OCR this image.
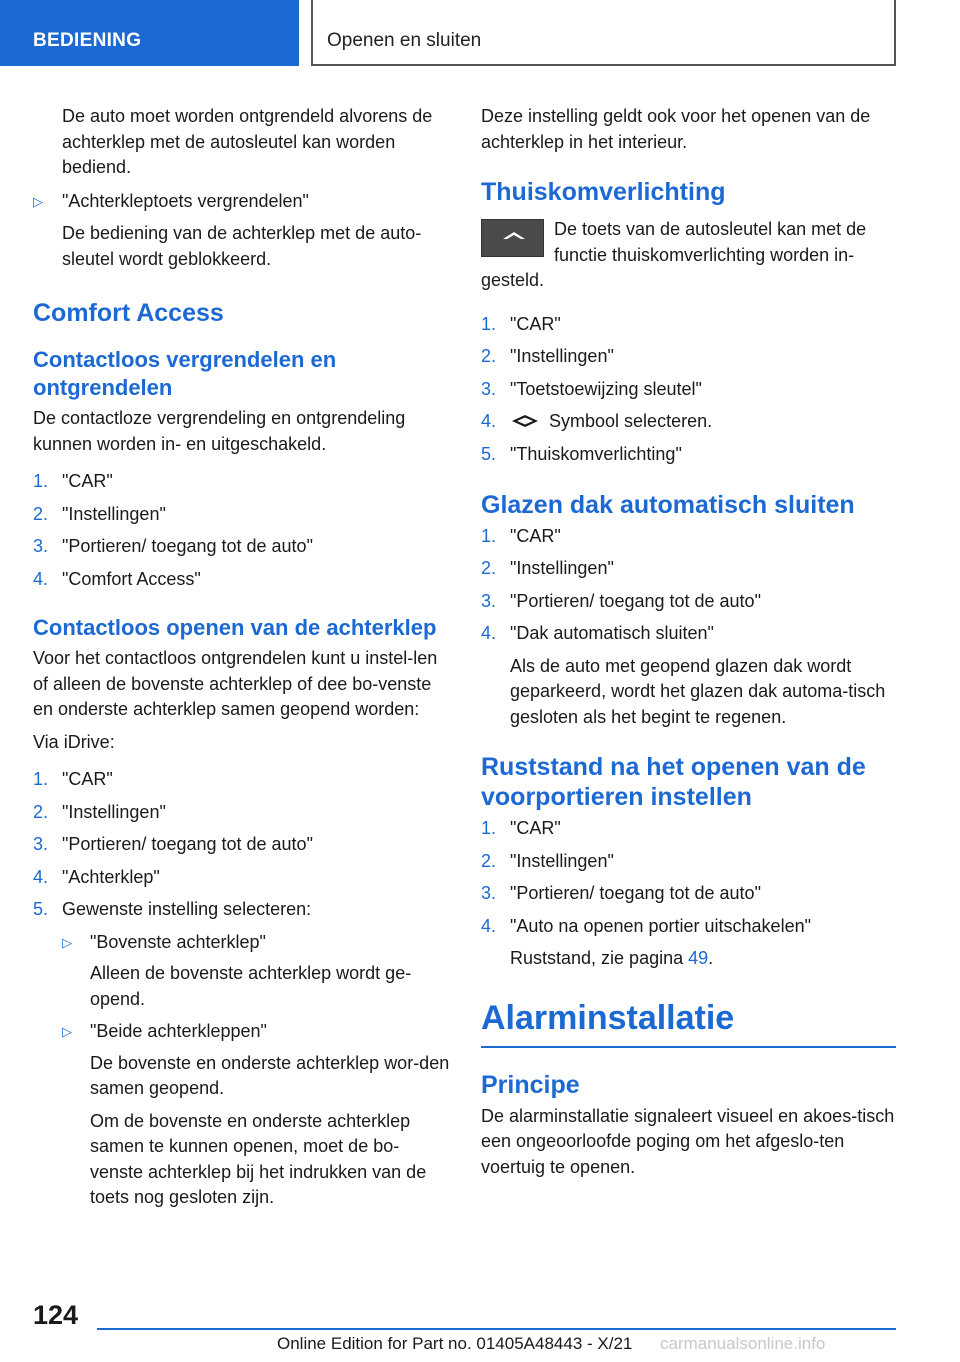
BEDIENING	Openen en sluiten

De auto moet worden ontgrendeld alvorens de achterklep met de autosleutel kan worden bediend.

▷ "Achterkleptoets vergrendelen"

De bediening van de achterklep met de auto-sleutel wordt geblokkeerd.

Comfort Access
Contactloos vergrendelen en ontgrendelen

De contactloze vergrendeling en ontgrendeling kunnen worden in- en uitgeschakeld.

1. "CAR"
2. "Instellingen"
3. "Portieren/ toegang tot de auto"
4. "Comfort Access"
Contactloos openen van de achterklep

Voor het contactloos ontgrendelen kunt u instel-len of alleen de bovenste achterklep of dee bo-venste en onderste achterklep samen geopend worden:

Via iDrive:

1. "CAR"
2. "Instellingen"
3. "Portieren/ toegang tot de auto"
4. "Achterklep"
5. Gewenste instelling selecteren:
▷ "Bovenste achterklep"

Alleen de bovenste achterklep wordt ge-opend.

▷ "Beide achterkleppen"

De bovenste en onderste achterklep wor-den samen geopend.

Om de bovenste en onderste achterklep samen te kunnen openen, moet de bo-venste achterklep bij het indrukken van de toets nog gesloten zijn.

Deze instelling geldt ook voor het openen van de achterklep in het interieur.

Thuiskomverlichting

De toets van de autosleutel kan met de functie thuiskomverlichting worden in-

gesteld.

1. "CAR"
2. "Instellingen"
3. "Toetstoewijzing sleutel"
4.	Symbool selecteren.
5. "Thuiskomverlichting"
Glazen dak automatisch sluiten
1. "CAR"
2. "Instellingen"
3. "Portieren/ toegang tot de auto"
4. "Dak automatisch sluiten"

Als de auto met geopend glazen dak wordt geparkeerd, wordt het glazen dak automa-tisch gesloten als het begint te regenen.

Ruststand na het openen van de voorportieren instellen
1. "CAR"
2. "Instellingen"
3. "Portieren/ toegang tot de auto"
4. "Auto na openen portier uitschakelen"

Ruststand, zie pagina 49.

Alarminstallatie
Principe

De alarminstallatie signaleert visueel en akoes-tisch een ongeoorloofde poging om het afgeslo-ten voertuig te openen.

124
Online Edition for Part no. 01405A48443 - X/21 carmanualsonline.info
